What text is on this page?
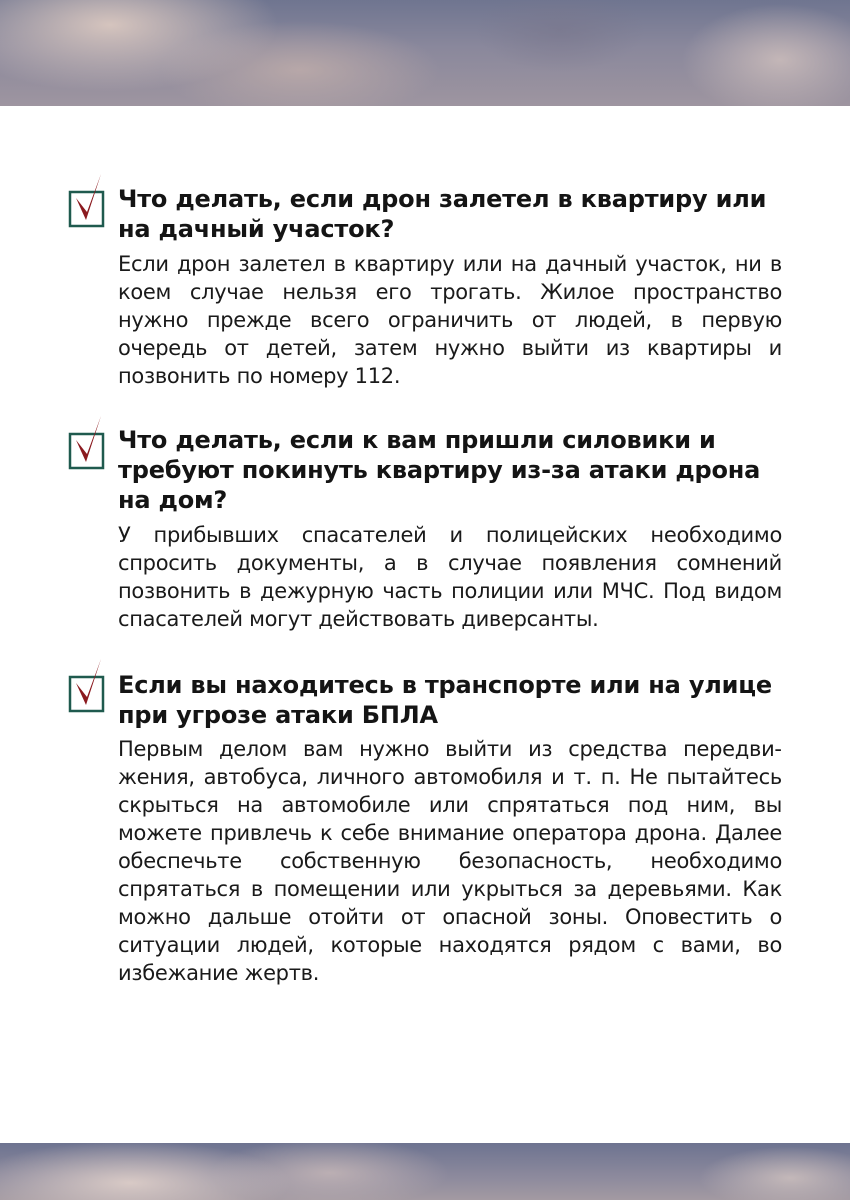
Что делать, если дрон залетел в квартиру или на дачный участок?

Если дрон залетел в квартиру или на дачный участок, ни в коем случае нельзя его трогать. Жилое пространство нужно прежде всего ограничить от людей, в первую очередь от детей, затем нужно выйти из квартиры и позвонить по номеру 112.

Что делать, если к вам пришли силовики и требуют покинуть квартиру из-за атаки дрона на дом?

У прибывших спасателей и полицейских необходимо спросить документы, а в случае появления сомнений позвонить в дежурную часть полиции или МЧС. Под видом спасателей могут действовать диверсанты.

Если вы находитесь в транспорте или на улице при угрозе атаки БПЛА

Первым делом вам нужно выйти из средства передвижения, автобуса, личного автомобиля и т. п. Не пытайтесь скрыться на автомобиле или спрятаться под ним, вы можете привлечь к себе внимание оператора дрона. Далее обеспечьте собственную безопасность, необходимо спрятаться в помещении или укрыться за деревьями. Как можно дальше отойти от опасной зоны. Оповестить о ситуации людей, которые находятся рядом с вами, во избежание жертв.
